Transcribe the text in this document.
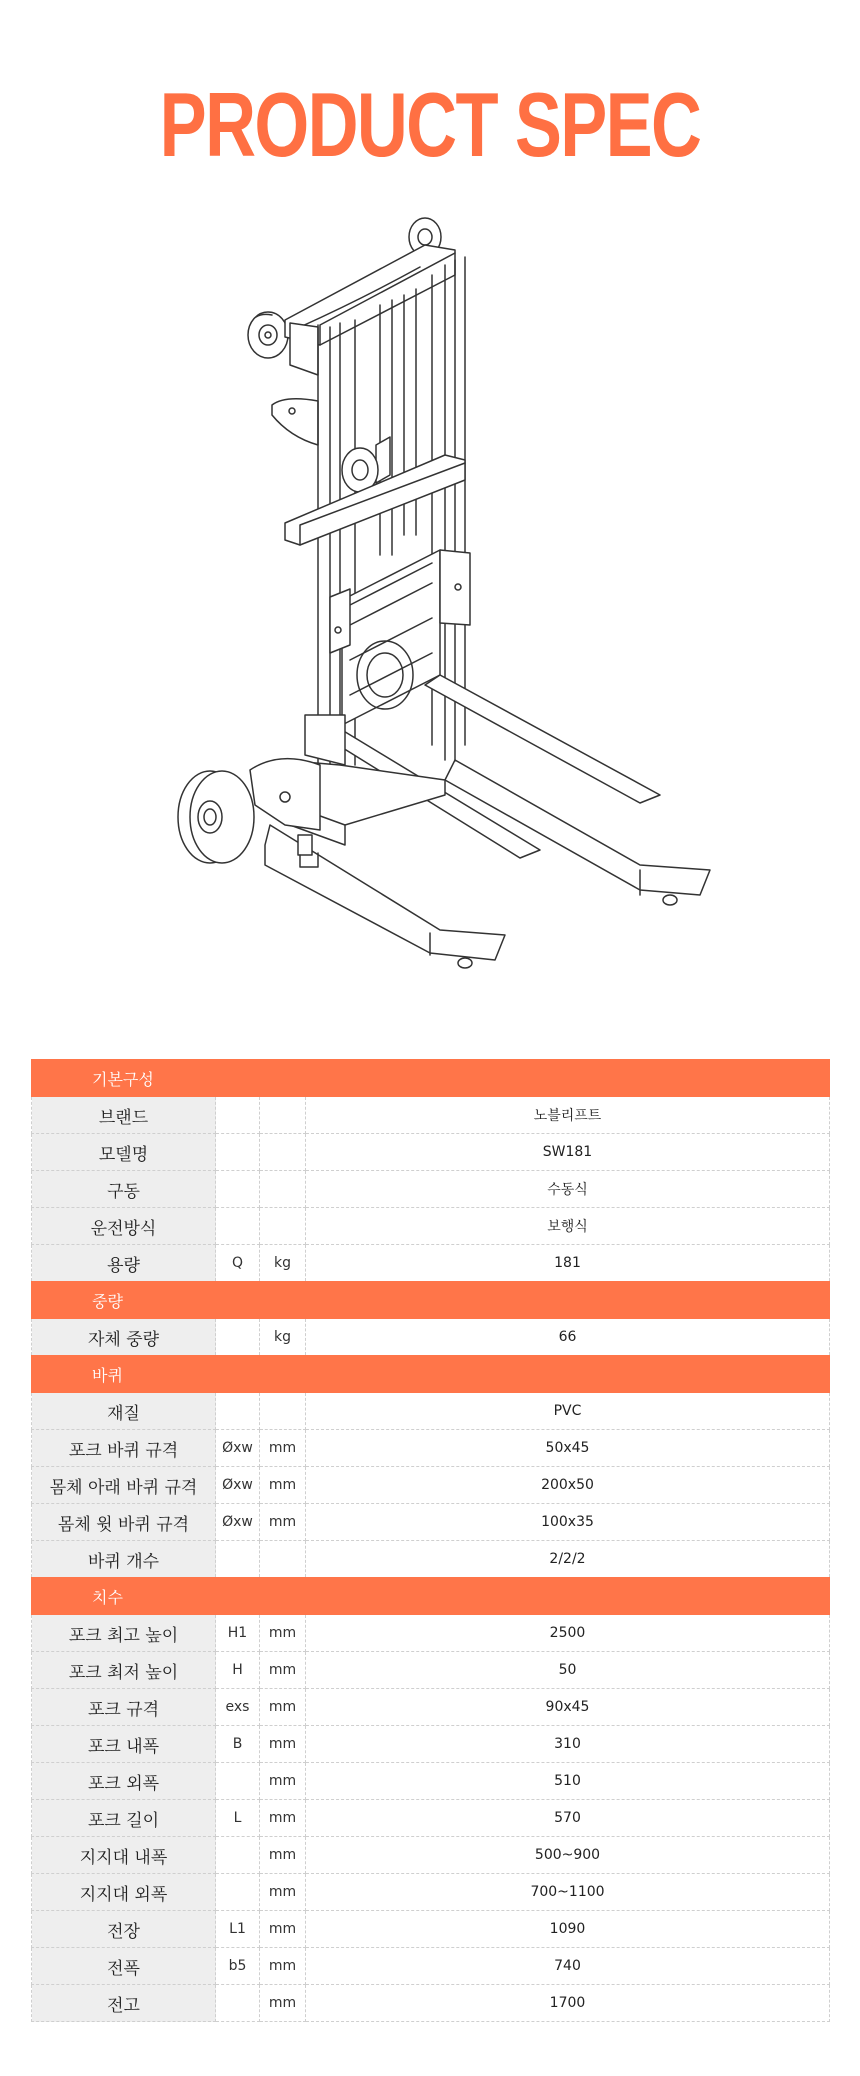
PRODUCT SPEC
기본구성			
브랜드			노블리프트
모델명			SW181
구동			수동식
운전방식			보행식
용량	Q	kg	181
중량			
자체 중량		kg	66
바퀴			
재질			PVC
포크 바퀴 규격	Øxw	mm	50x45
몸체 아래 바퀴 규격	Øxw	mm	200x50
몸체 윗 바퀴 규격	Øxw	mm	100x35
바퀴 개수			2/2/2
치수			
포크 최고 높이	H1	mm	2500
포크 최저 높이	H	mm	50
포크 규격	exs	mm	90x45
포크 내폭	B	mm	310
포크 외폭		mm	510
포크 길이	L	mm	570
지지대 내폭		mm	500~900
지지대 외폭		mm	700~1100
전장	L1	mm	1090
전폭	b5	mm	740
전고		mm	1700
